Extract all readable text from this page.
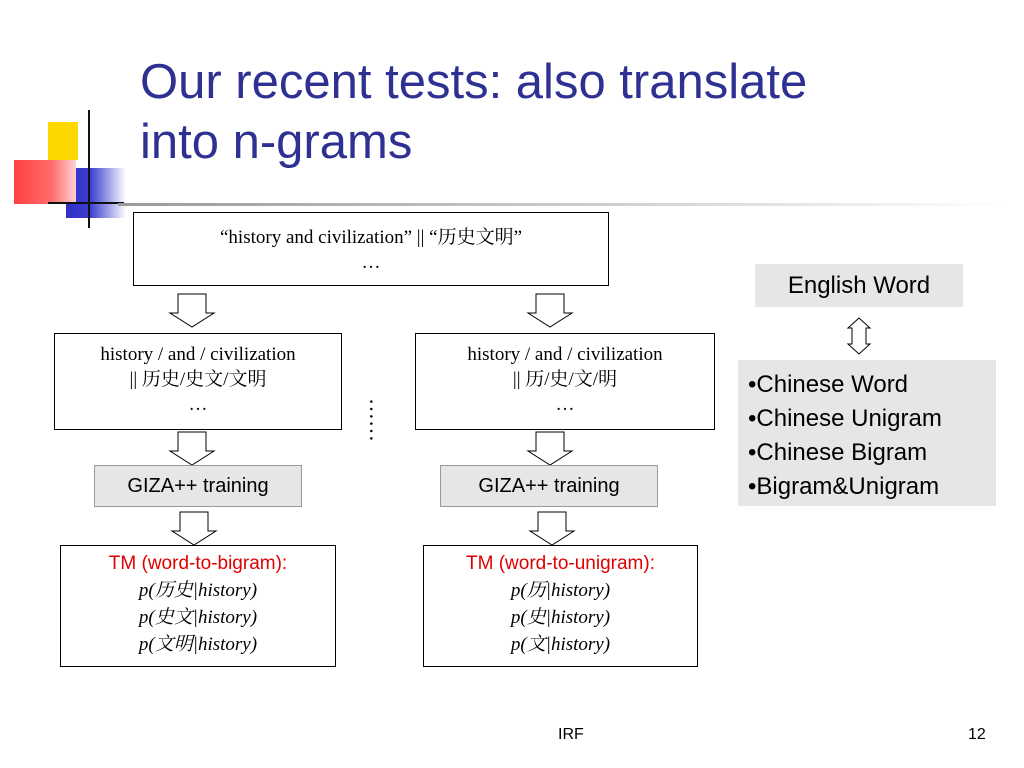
Our recent tests: also translate
into n-grams
“history and civilization” || “历史文明”
…
history / and / civilization
|| 历史/史文/文明
…
history / and / civilization
|| 历/史/文/明
…
……
GIZA++ training	GIZA++ training
TM (word-to-bigram):
p(历史|history)
p(史文|history)
p(文明|history)
TM (word-to-unigram):
p(历|history)
p(史|history)
p(文|history)
English Word
•Chinese Word
•Chinese Unigram
•Chinese Bigram
•Bigram&Unigram
IRF	12
